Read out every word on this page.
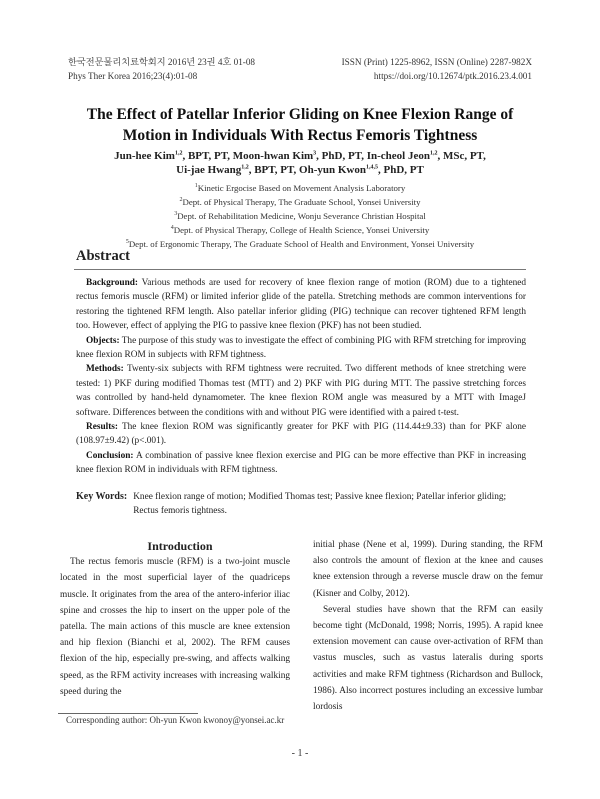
한국전문물리치료학회지 2016년 23권 4호 01-08
Phys Ther Korea 2016;23(4):01-08
ISSN (Print) 1225-8962, ISSN (Online) 2287-982X
https://doi.org/10.12674/ptk.2016.23.4.001
The Effect of Patellar Inferior Gliding on Knee Flexion Range of
Motion in Individuals With Rectus Femoris Tightness
Jun-hee Kim$^{1,2}$, BPT, PT, Moon-hwan Kim$^3$, PhD, PT, In-cheol Jeon$^{1,2}$, MSc, PT,
Ui-jae Hwang$^{1,2}$, BPT, PT, Oh-yun Kwon$^{1,4,5}$, PhD, PT
$^1$Kinetic Ergocise Based on Movement Analysis Laboratory
$^2$Dept. of Physical Therapy, The Graduate School, Yonsei University
$^3$Dept. of Rehabilitation Medicine, Wonju Severance Christian Hospital
$^4$Dept. of Physical Therapy, College of Health Science, Yonsei University
$^5$Dept. of Ergonomic Therapy, The Graduate School of Health and Environment, Yonsei University
Abstract

Background: Various methods are used for recovery of knee flexion range of motion (ROM) due to a tightened rectus femoris muscle (RFM) or limited inferior glide of the patella. Stretching methods are common interventions for restoring the tightened RFM length. Also patellar inferior gliding (PIG) technique can recover tightened RFM length too. However, effect of applying the PIG to passive knee flexion (PKF) has not been studied.

Objects: The purpose of this study was to investigate the effect of combining PIG with RFM stretching for improving knee flexion ROM in subjects with RFM tightness.

Methods: Twenty-six subjects with RFM tightness were recruited. Two different methods of knee stretching were tested: 1) PKF during modified Thomas test (MTT) and 2) PKF with PIG during MTT. The passive stretching forces was controlled by hand-held dynamometer. The knee flexion ROM angle was measured by a MTT with ImageJ software. Differences between the conditions with and without PIG were identified with a paired t-test.

Results: The knee flexion ROM was significantly greater for PKF with PIG (114.44±9.33) than for PKF alone (108.97±9.42) (p<.001).

Conclusion: A combination of passive knee flexion exercise and PIG can be more effective than PKF in increasing knee flexion ROM in individuals with RFM tightness.

Key Words: Knee flexion range of motion; Modified Thomas test; Passive knee flexion; Patellar inferior gliding; Rectus femoris tightness.

Introduction

The rectus femoris muscle (RFM) is a two-joint muscle located in the most superficial layer of the quadriceps muscle. It originates from the area of the antero-inferior iliac spine and crosses the hip to insert on the upper pole of the patella. The main actions of this muscle are knee extension and hip flexion (Bianchi et al, 2002). The RFM causes flexion of the hip, especially pre-swing, and affects walking speed, as the RFM activity increases with increasing walking speed during the

initial phase (Nene et al, 1999). During standing, the RFM also controls the amount of flexion at the knee and causes knee extension through a reverse muscle draw on the femur (Kisner and Colby, 2012).

Several studies have shown that the RFM can easily become tight (McDonald, 1998; Norris, 1995). A rapid knee extension movement can cause over-activation of RFM than vastus muscles, such as vastus lateralis during sports activities and make RFM tightness (Richardson and Bullock, 1986). Also incorrect postures including an excessive lumbar lordosis

Corresponding author: Oh-yun Kwon kwonoy@yonsei.ac.kr
- 1 -
